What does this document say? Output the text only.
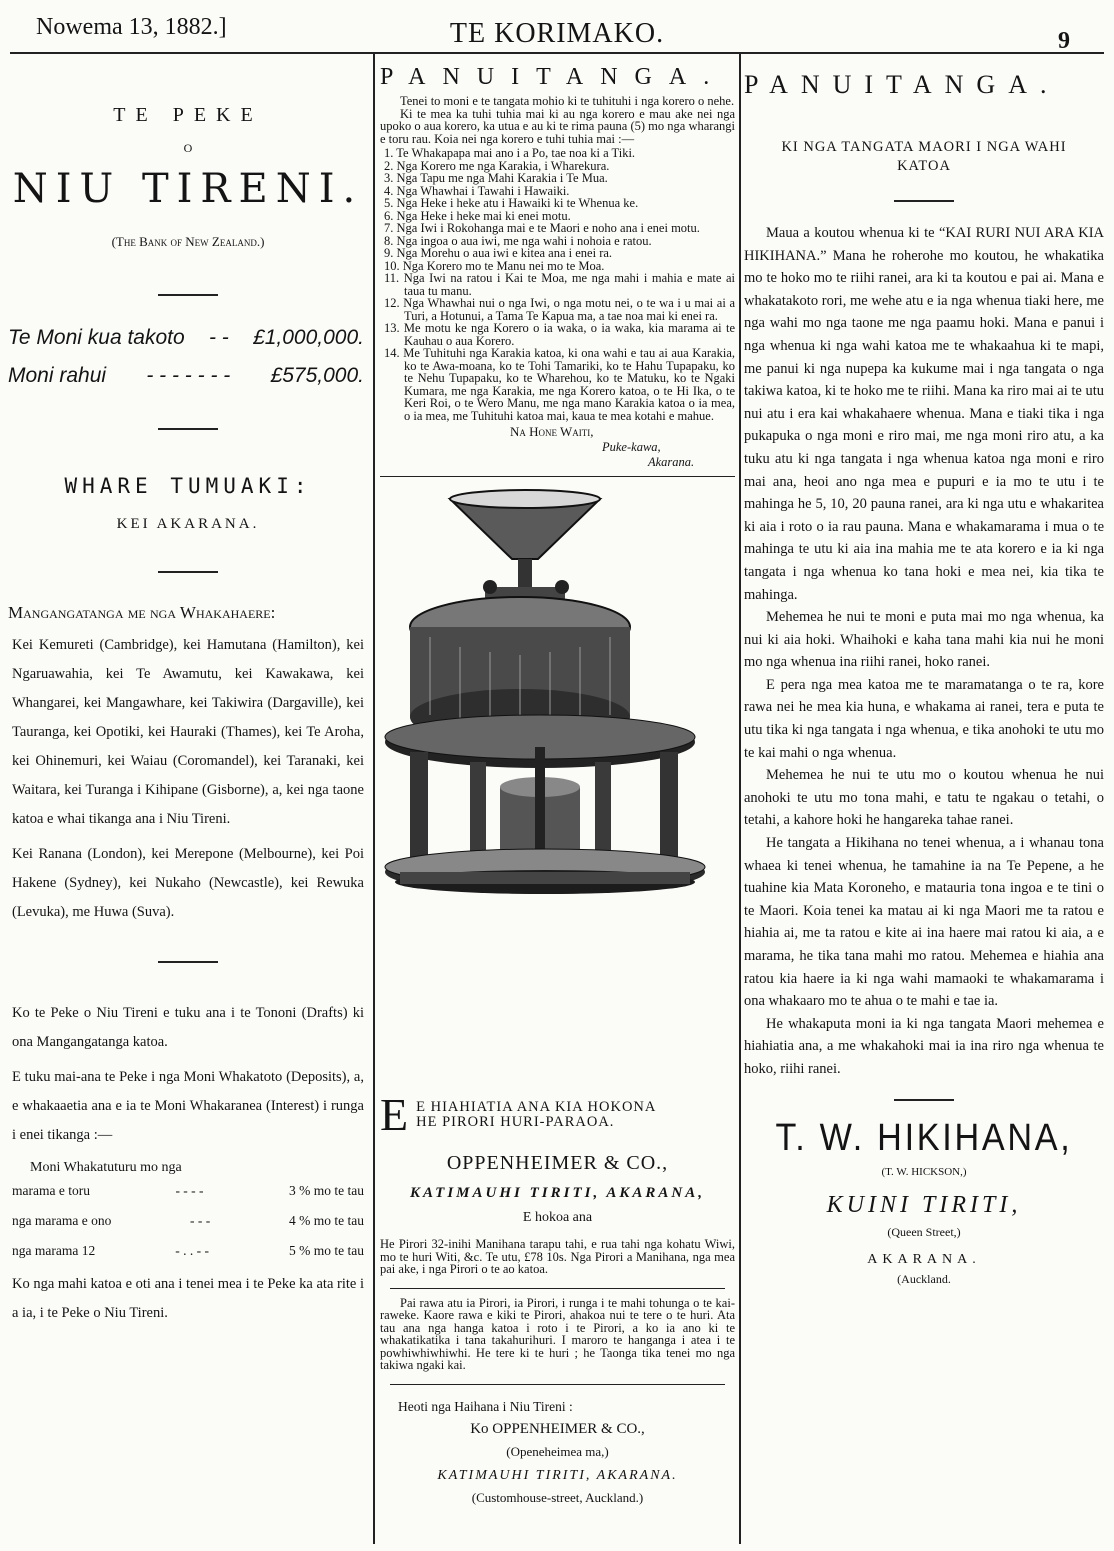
Nowema 13, 1882.]	TE KORIMAKO.	9
TE PEKE
O
NIU TIRENI.
(The Bank of New Zealand.)
Te Moni kua takoto - - £1,000,000.
Moni rahui - - - - - - - £575,000.
WHARE TUMUAKI:
KEI AKARANA.
Mangangatanga me nga Whakahaere:

Kei Kemureti (Cambridge), kei Hamutana (Hamilton), kei Ngaruawahia, kei Te Awamutu, kei Kawakawa, kei Whangarei, kei Mangawhare, kei Takiwira (Dargaville), kei Tauranga, kei Opotiki, kei Hauraki (Thames), kei Te Aroha, kei Ohinemuri, kei Waiau (Coromandel), kei Taranaki, kei Waitara, kei Turanga i Kihipane (Gisborne), a, kei nga taone katoa e whai tikanga ana i Niu Tireni.

Kei Ranana (London), kei Merepone (Melbourne), kei Poi Hakene (Sydney), kei Nukaho (Newcastle), kei Rewuka (Levuka), me Huwa (Suva).

Ko te Peke o Niu Tireni e tuku ana i te Tononi (Drafts) ki ona Mangangatanga katoa.

E tuku mai-ana te Peke i nga Moni Whakatoto (Deposits), a, e whakaaetia ana e ia te Moni Whakaranea (Interest) i runga i enei tikanga :—

Moni Whakatuturu mo nga
marama e toru	- - - -	3 % mo te tau
nga marama e ono	- - -	4 % mo te tau
nga marama 12	- . . - -	5 % mo te tau

Ko nga mahi katoa e oti ana i tenei mea i te Peke ka ata rite i a ia, i te Peke o Niu Tireni.

PANUITANGA.

Tenei to moni e te tangata mohio ki te tuhituhi i nga korero o nehe.

Ki te mea ka tuhi tuhia mai ki au nga korero e mau ake nei nga upoko o aua korero, ka utua e au ki te rima pauna (5) mo nga wharangi e toru rau. Koia nei nga korero e tuhi tuhia mai :—

1. Te Whakapapa mai ano i a Po, tae noa ki a Tiki.
2. Nga Korero me nga Karakia, i Wharekura.
3. Nga Tapu me nga Mahi Karakia i Te Mua.
4. Nga Whawhai i Tawahi i Hawaiki.
5. Nga Heke i heke atu i Hawaiki ki te Whenua ke.
6. Nga Heke i heke mai ki enei motu.
7. Nga Iwi i Rokohanga mai e te Maori e noho ana i enei motu.
8. Nga ingoa o aua iwi, me nga wahi i nohoia e ratou.
9. Nga Morehu o aua iwi e kitea ana i enei ra.
10. Nga Korero mo te Manu nei mo te Moa.
11. Nga Iwi na ratou i Kai te Moa, me nga mahi i mahia e mate ai taua tu manu.
12. Nga Whawhai nui o nga Iwi, o nga motu nei, o te wa i u mai ai a Turi, a Hotunui, a Tama Te Kapua ma, a tae noa mai ki enei ra.
13. Me motu ke nga Korero o ia waka, o ia waka, kia marama ai te Kauhau o aua Korero.
14. Me Tuhituhi nga Karakia katoa, ki ona wahi e tau ai aua Karakia, ko te Awa-moana, ko te Tohi Tamariki, ko te Hahu Tupapaku, ko te Nehu Tupapaku, ko te Wharehou, ko te Matuku, ko te Ngaki Kumara, me nga Karakia, me nga Korero katoa, o te Hi Ika, o te Keri Roi, o te Wero Manu, me nga mano Karakia katoa o ia mea, o ia mea, me Tuhituhi katoa mai, kaua te mea kotahi e mahue.
Na Hone Waiti,
Puke-kawa,
Akarana.
E E HIAHIATIA ANA KIA HOKONA
HE PIRORI HURI-PARAOA.
OPPENHEIMER & CO.,
KATIMAUHI TIRITI, AKARANA,
E hokoa ana

He Pirori 32-inihi Manihana tarapu tahi, e rua tahi nga kohatu Wiwi, mo te huri Witi, &c. Te utu, £78 10s. Nga Pirori a Manihana, nga mea pai ake, i nga Pirori o te ao katoa.

Pai rawa atu ia Pirori, ia Pirori, i runga i te mahi tohunga o te kai-raweke. Kaore rawa e kiki te Pirori, ahakoa nui te tere o te huri. Ata tau ana nga hanga katoa i roto i te Pirori, a ko ia ano ki te whakatikatika i tana takahurihuri. I maroro te hanganga i atea i te powhiwhiwhiwhi. He tere ki te huri ; he Taonga tika tenei mo nga takiwa ngaki kai.

Heoti nga Haihana i Niu Tireni :
Ko OPPENHEIMER & CO.,
(Openeheimea ma,)
KATIMAUHI TIRITI, AKARANA.
(Customhouse-street, Auckland.)
PANUITANGA.
KI NGA TANGATA MAORI I NGA WAHI KATOA

Maua a koutou whenua ki te “KAI RURI NUI ARA KIA HIKIHANA.” Mana he roherohe mo koutou, he whakatika mo te hoko mo te riihi ranei, ara ki ta koutou e pai ai. Mana e whakatakoto rori, me wehe atu e ia nga whenua tiaki here, me nga wahi mo nga taone me nga paamu hoki. Mana e panui i nga whenua ki nga wahi katoa me te whakaahua ki te mapi, me panui ki nga nupepa ka kukume mai i nga tangata o nga takiwa katoa, ki te hoko me te riihi. Mana ka riro mai ai te utu nui atu i era kai whakahaere whenua. Mana e tiaki tika i nga pukapuka o nga moni e riro mai, me nga moni riro atu, a ka tuku atu ki nga tangata i nga whenua katoa nga moni e riro mai ana, heoi ano nga mea e pupuri e ia mo te utu i te mahinga he 5, 10, 20 pauna ranei, ara ki nga utu e whakaritea ki aia i roto o ia rau pauna. Mana e whakamarama i mua o te mahinga te utu ki aia ina mahia me te ata korero e ia ki nga tangata i nga whenua ko tana hoki e mea nei, kia tika te mahinga.

Mehemea he nui te moni e puta mai mo nga whenua, ka nui ki aia hoki. Whaihoki e kaha tana mahi kia nui he moni mo nga whenua ina riihi ranei, hoko ranei.

E pera nga mea katoa me te maramatanga o te ra, kore rawa nei he mea kia huna, e whakama ai ranei, tera e puta te utu tika ki nga tangata i nga whenua, e tika anohoki te utu mo te kai mahi o nga whenua.

Mehemea he nui te utu mo o koutou whenua he nui anohoki te utu mo tona mahi, e tatu te ngakau o tetahi, o tetahi, a kahore hoki he hangareka tahae ranei.

He tangata a Hikihana no tenei whenua, a i whanau tona whaea ki tenei whenua, he tamahine ia na Te Pepene, a he tuahine kia Mata Koroneho, e matauria tona ingoa e te tini o te Maori. Koia tenei ka matau ai ki nga Maori me ta ratou e hiahia ai, me ta ratou e kite ai ina haere mai ratou ki aia, a e marama, he tika tana mahi mo ratou. Mehemea e hiahia ana ratou kia haere ia ki nga wahi mamaoki te whakamarama i ona whakaaro mo te ahua o te mahi e tae ia.

He whakaputa moni ia ki nga tangata Maori mehemea e hiahiatia ana, a me whakahoki mai ia ina riro nga whenua te hoko, riihi ranei.

T. W. HIKIHANA,
(T. W. HICKSON,)
KUINI TIRITI,
(Queen Street,)
AKARANA.
(Auckland.
